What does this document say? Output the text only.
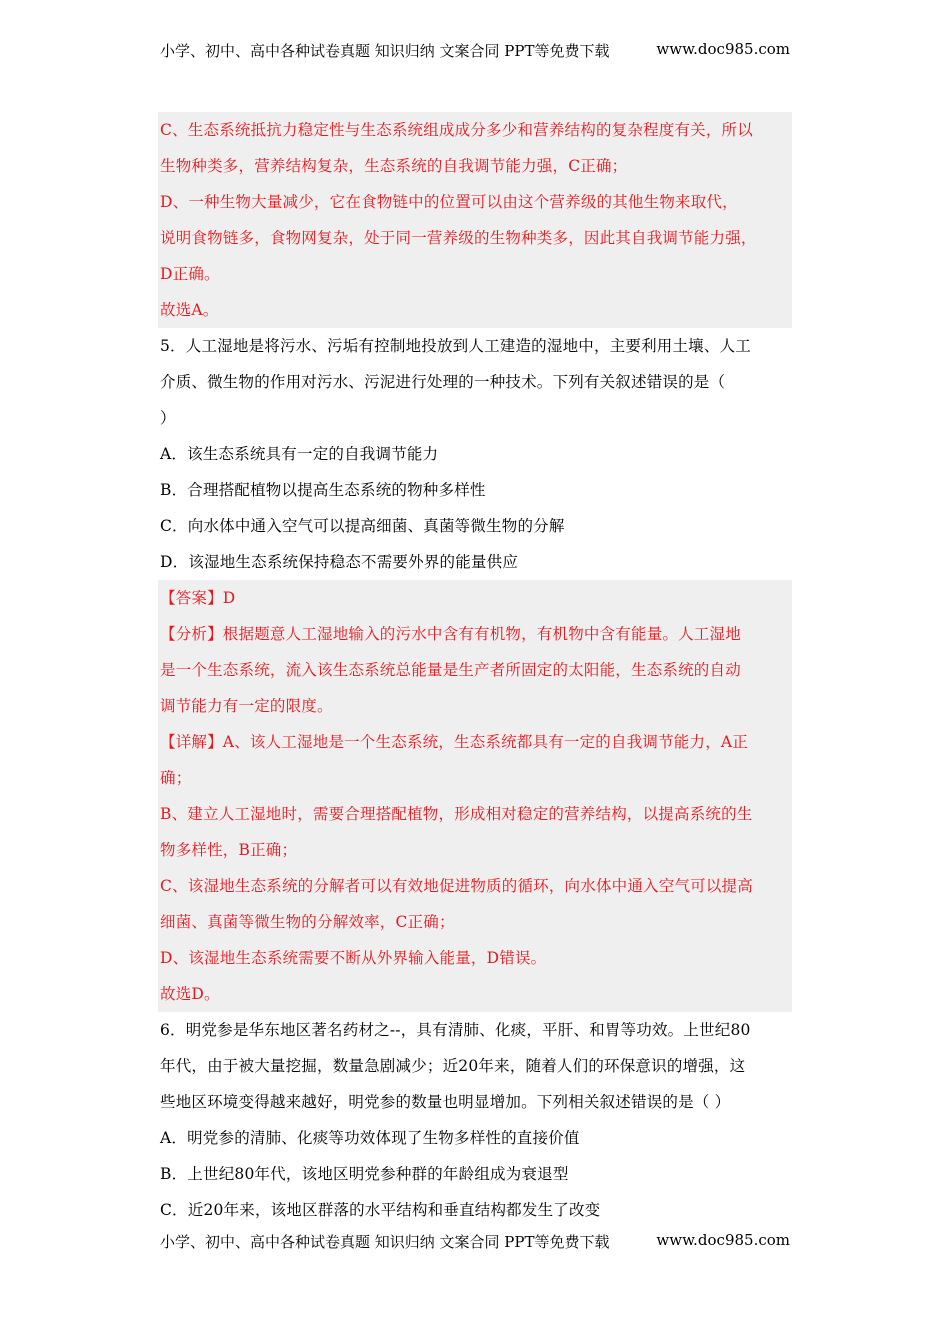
小学、初中、高中各种试卷真题 知识归纳 文案合同 PPT等免费下载	www.doc985.com
C、生态系统抵抗力稳定性与生态系统组成成分多少和营养结构的复杂程度有关，所以
生物种类多，营养结构复杂，生态系统的自我调节能力强，C正确；
D、一种生物大量减少，它在食物链中的位置可以由这个营养级的其他生物来取代，
说明食物链多，食物网复杂，处于同一营养级的生物种类多，因此其自我调节能力强，
D正确。
故选A。
5．人工湿地是将污水、污垢有控制地投放到人工建造的湿地中，主要利用土壤、人工
介质、微生物的作用对污水、污泥进行处理的一种技术。下列有关叙述错误的是（
）
A．该生态系统具有一定的自我调节能力
B．合理搭配植物以提高生态系统的物种多样性
C．向水体中通入空气可以提高细菌、真菌等微生物的分解
D．该湿地生态系统保持稳态不需要外界的能量供应
【答案】D
【分析】根据题意人工湿地输入的污水中含有有机物，有机物中含有能量。人工湿地
是一个生态系统，流入该生态系统总能量是生产者所固定的太阳能，生态系统的自动
调节能力有一定的限度。
【详解】A、该人工湿地是一个生态系统，生态系统都具有一定的自我调节能力，A正
确；
B、建立人工湿地时，需要合理搭配植物，形成相对稳定的营养结构，以提高系统的生
物多样性，B正确；
C、该湿地生态系统的分解者可以有效地促进物质的循环，向水体中通入空气可以提高
细菌、真菌等微生物的分解效率，C正确；
D、该湿地生态系统需要不断从外界输入能量，D错误。
故选D。
6．明党参是华东地区著名药材之--，具有清肺、化痰，平肝、和胃等功效。上世纪80
年代，由于被大量挖掘，数量急剧减少；近20年来，随着人们的环保意识的增强，这
些地区环境变得越来越好，明党参的数量也明显增加。下列相关叙述错误的是（ ）
A．明党参的清肺、化痰等功效体现了生物多样性的直接价值
B．上世纪80年代，该地区明党参种群的年龄组成为衰退型
C．近20年来，该地区群落的水平结构和垂直结构都发生了改变
小学、初中、高中各种试卷真题 知识归纳 文案合同 PPT等免费下载	www.doc985.com
